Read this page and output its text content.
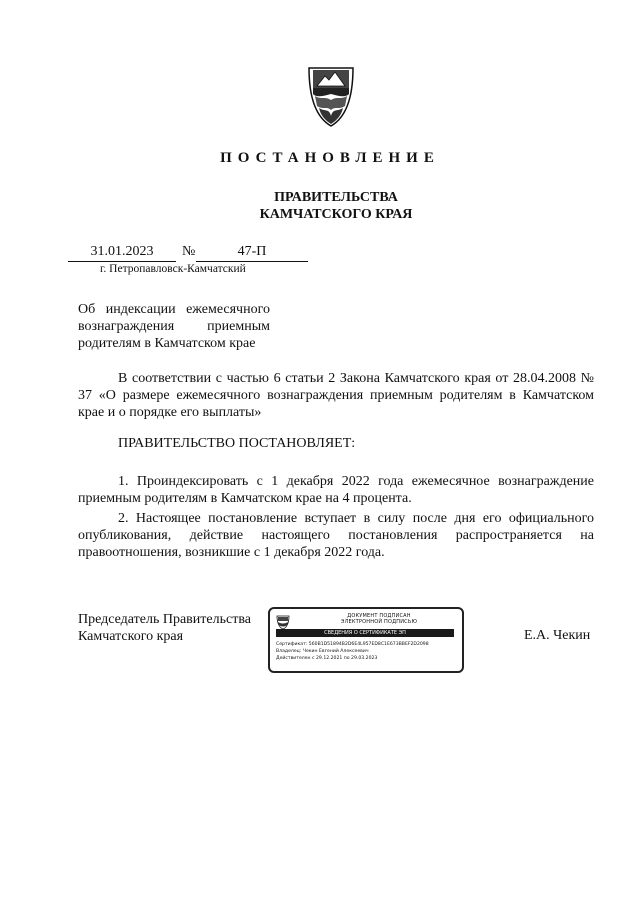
ПОСТАНОВЛЕНИЕ
ПРАВИТЕЛЬСТВА
КАМЧАТСКОГО КРАЯ
31.01.2023	№	47-П
г. Петропавловск-Камчатский
Об индексации ежемесячного вознаграждения приемным родителям в Камчатском крае
В соответствии с частью 6 статьи 2 Закона Камчатского края от 28.04.2008 № 37 «О размере ежемесячного вознаграждения приемным родителям в Камчатском крае и о порядке его выплаты»
ПРАВИТЕЛЬСТВО ПОСТАНОВЛЯЕТ:
1. Проиндексировать с 1 декабря 2022 года ежемесячное вознаграждение приемным родителям в Камчатском крае на 4 процента.
2. Настоящее постановление вступает в силу после дня его официального опубликования, действие настоящего постановления распространяется на правоотношения, возникшие с 1 декабря 2022 года.
Председатель Правительства
Камчатского края
ДОКУМЕНТ ПОДПИСАН
ЭЛЕКТРОННОЙ ПОДПИСЬЮ
СВЕДЕНИЯ О СЕРТИФИКАТЕ ЭП
Сертификат: 560B1D51894B2D6E4L957ED8C1E673BBEF2D2098
Владелец: Чекин Евгений Алексеевич
Действителен с 29.12.2021 по 29.03.2023
Е.А. Чекин
